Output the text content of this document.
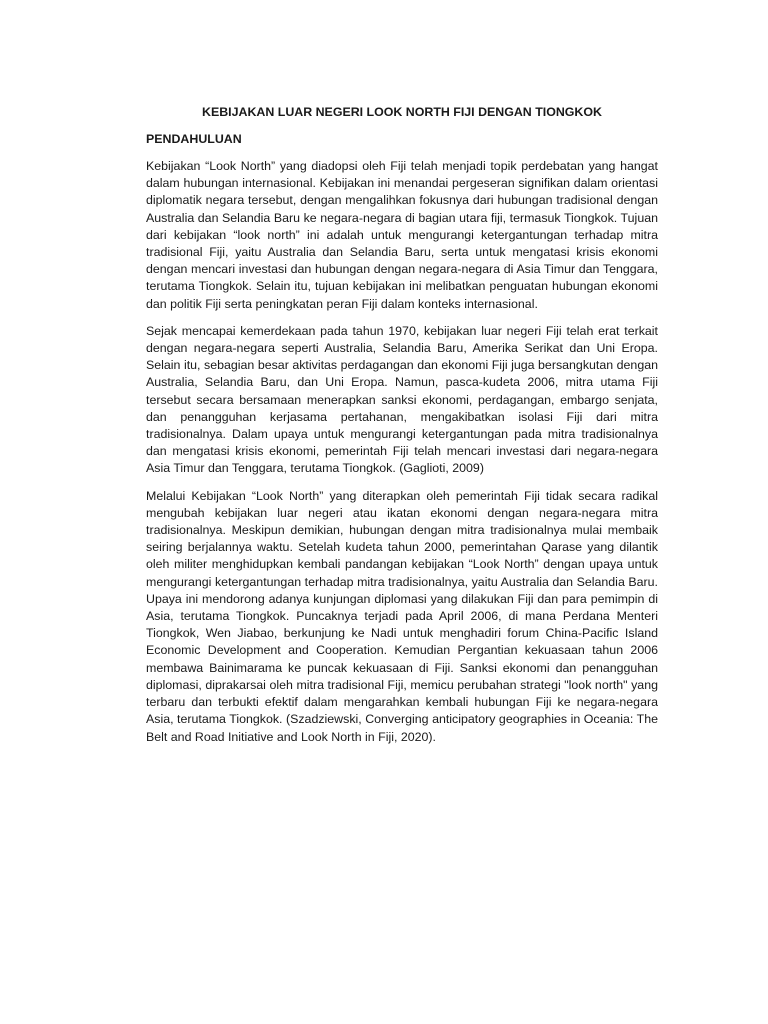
KEBIJAKAN LUAR NEGERI LOOK NORTH FIJI DENGAN TIONGKOK
PENDAHULUAN

Kebijakan “Look North” yang diadopsi oleh Fiji telah menjadi topik perdebatan yang hangat dalam hubungan internasional. Kebijakan ini menandai pergeseran signifikan dalam orientasi diplomatik negara tersebut, dengan mengalihkan fokusnya dari hubungan tradisional dengan Australia dan Selandia Baru ke negara-negara di bagian utara fiji, termasuk Tiongkok. Tujuan dari kebijakan “look north” ini adalah untuk mengurangi ketergantungan terhadap mitra tradisional Fiji, yaitu Australia dan Selandia Baru, serta untuk mengatasi krisis ekonomi dengan mencari investasi dan hubungan dengan negara-negara di Asia Timur dan Tenggara, terutama Tiongkok. Selain itu, tujuan kebijakan ini melibatkan penguatan hubungan ekonomi dan politik Fiji serta peningkatan peran Fiji dalam konteks internasional.

Sejak mencapai kemerdekaan pada tahun 1970, kebijakan luar negeri Fiji telah erat terkait dengan negara-negara seperti Australia, Selandia Baru, Amerika Serikat dan Uni Eropa. Selain itu, sebagian besar aktivitas perdagangan dan ekonomi Fiji juga bersangkutan dengan Australia, Selandia Baru, dan Uni Eropa. Namun, pasca-kudeta 2006, mitra utama Fiji tersebut secara bersamaan menerapkan sanksi ekonomi, perdagangan, embargo senjata, dan penangguhan kerjasama pertahanan, mengakibatkan isolasi Fiji dari mitra tradisionalnya. Dalam upaya untuk mengurangi ketergantungan pada mitra tradisionalnya dan mengatasi krisis ekonomi, pemerintah Fiji telah mencari investasi dari negara-negara Asia Timur dan Tenggara, terutama Tiongkok. (Gaglioti, 2009)

Melalui Kebijakan “Look North” yang diterapkan oleh pemerintah Fiji tidak secara radikal mengubah kebijakan luar negeri atau ikatan ekonomi dengan negara-negara mitra tradisionalnya. Meskipun demikian, hubungan dengan mitra tradisionalnya mulai membaik seiring berjalannya waktu. Setelah kudeta tahun 2000, pemerintahan Qarase yang dilantik oleh militer menghidupkan kembali pandangan kebijakan “Look North” dengan upaya untuk mengurangi ketergantungan terhadap mitra tradisionalnya, yaitu Australia dan Selandia Baru. Upaya ini mendorong adanya kunjungan diplomasi yang dilakukan Fiji dan para pemimpin di Asia, terutama Tiongkok. Puncaknya terjadi pada April 2006, di mana Perdana Menteri Tiongkok, Wen Jiabao, berkunjung ke Nadi untuk menghadiri forum China-Pacific Island Economic Development and Cooperation. Kemudian Pergantian kekuasaan tahun 2006 membawa Bainimarama ke puncak kekuasaan di Fiji. Sanksi ekonomi dan penangguhan diplomasi, diprakarsai oleh mitra tradisional Fiji, memicu perubahan strategi "look north" yang terbaru dan terbukti efektif dalam mengarahkan kembali hubungan Fiji ke negara-negara Asia, terutama Tiongkok. (Szadziewski, Converging anticipatory geographies in Oceania: The Belt and Road Initiative and Look North in Fiji, 2020).
